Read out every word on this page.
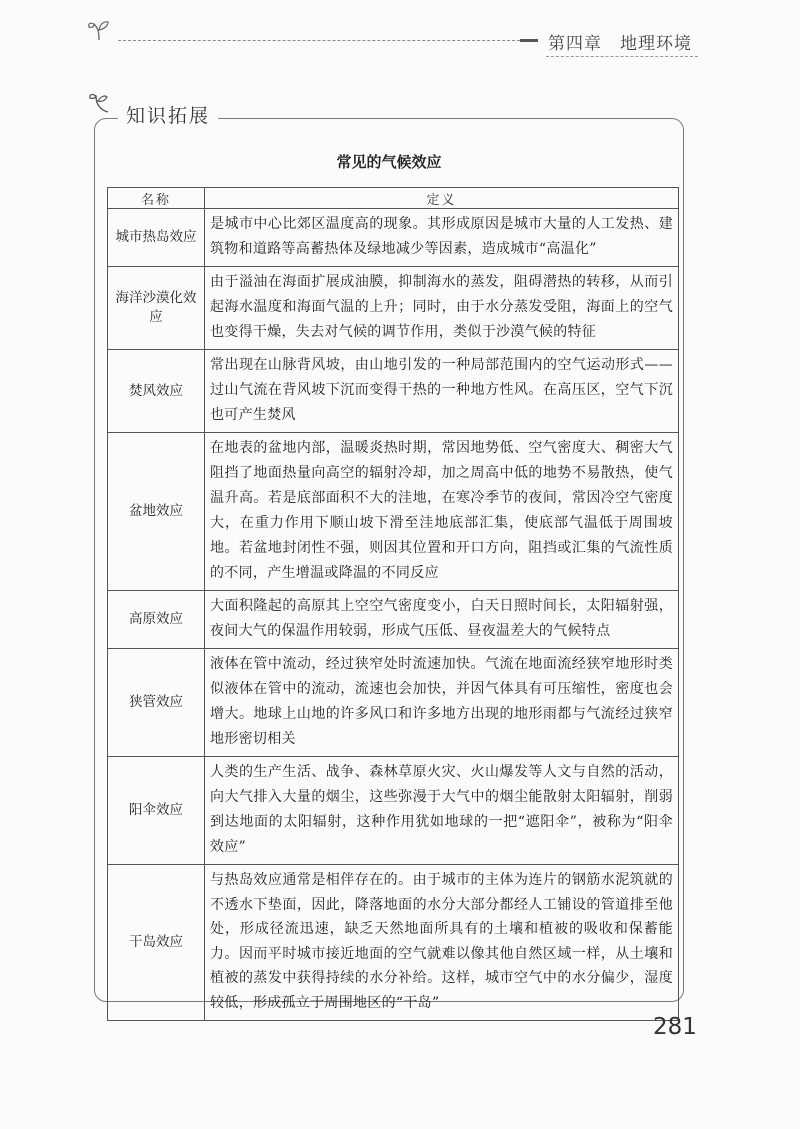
第四章　地理环境
知识拓展
常见的气候效应
名称	定义
城市热岛效应	是城市中心比郊区温度高的现象。其形成原因是城市大量的人工发热、建筑物和道路等高蓄热体及绿地减少等因素，造成城市“高温化”
海洋沙漠化效应	由于溢油在海面扩展成油膜，抑制海水的蒸发，阻碍潜热的转移，从而引起海水温度和海面气温的上升；同时，由于水分蒸发受阻，海面上的空气也变得干燥，失去对气候的调节作用，类似于沙漠气候的特征
焚风效应	常出现在山脉背风坡，由山地引发的一种局部范围内的空气运动形式——过山气流在背风坡下沉而变得干热的一种地方性风。在高压区，空气下沉也可产生焚风
盆地效应	在地表的盆地内部，温暖炎热时期，常因地势低、空气密度大、稠密大气阻挡了地面热量向高空的辐射冷却，加之周高中低的地势不易散热，使气温升高。若是底部面积不大的洼地，在寒冷季节的夜间，常因冷空气密度大，在重力作用下顺山坡下滑至洼地底部汇集，使底部气温低于周围坡地。若盆地封闭性不强，则因其位置和开口方向，阻挡或汇集的气流性质的不同，产生增温或降温的不同反应
高原效应	大面积隆起的高原其上空空气密度变小，白天日照时间长，太阳辐射强，夜间大气的保温作用较弱，形成气压低、昼夜温差大的气候特点
狭管效应	液体在管中流动，经过狭窄处时流速加快。气流在地面流经狭窄地形时类似液体在管中的流动，流速也会加快，并因气体具有可压缩性，密度也会增大。地球上山地的许多风口和许多地方出现的地形雨都与气流经过狭窄地形密切相关
阳伞效应	人类的生产生活、战争、森林草原火灾、火山爆发等人文与自然的活动，向大气排入大量的烟尘，这些弥漫于大气中的烟尘能散射太阳辐射，削弱到达地面的太阳辐射，这种作用犹如地球的一把“遮阳伞”，被称为“阳伞效应”
干岛效应	与热岛效应通常是相伴存在的。由于城市的主体为连片的钢筋水泥筑就的不透水下垫面，因此，降落地面的水分大部分都经人工铺设的管道排至他处，形成径流迅速，缺乏天然地面所具有的土壤和植被的吸收和保蓄能力。因而平时城市接近地面的空气就难以像其他自然区域一样，从土壤和植被的蒸发中获得持续的水分补给。这样，城市空气中的水分偏少，湿度较低，形成孤立于周围地区的“干岛”
281
